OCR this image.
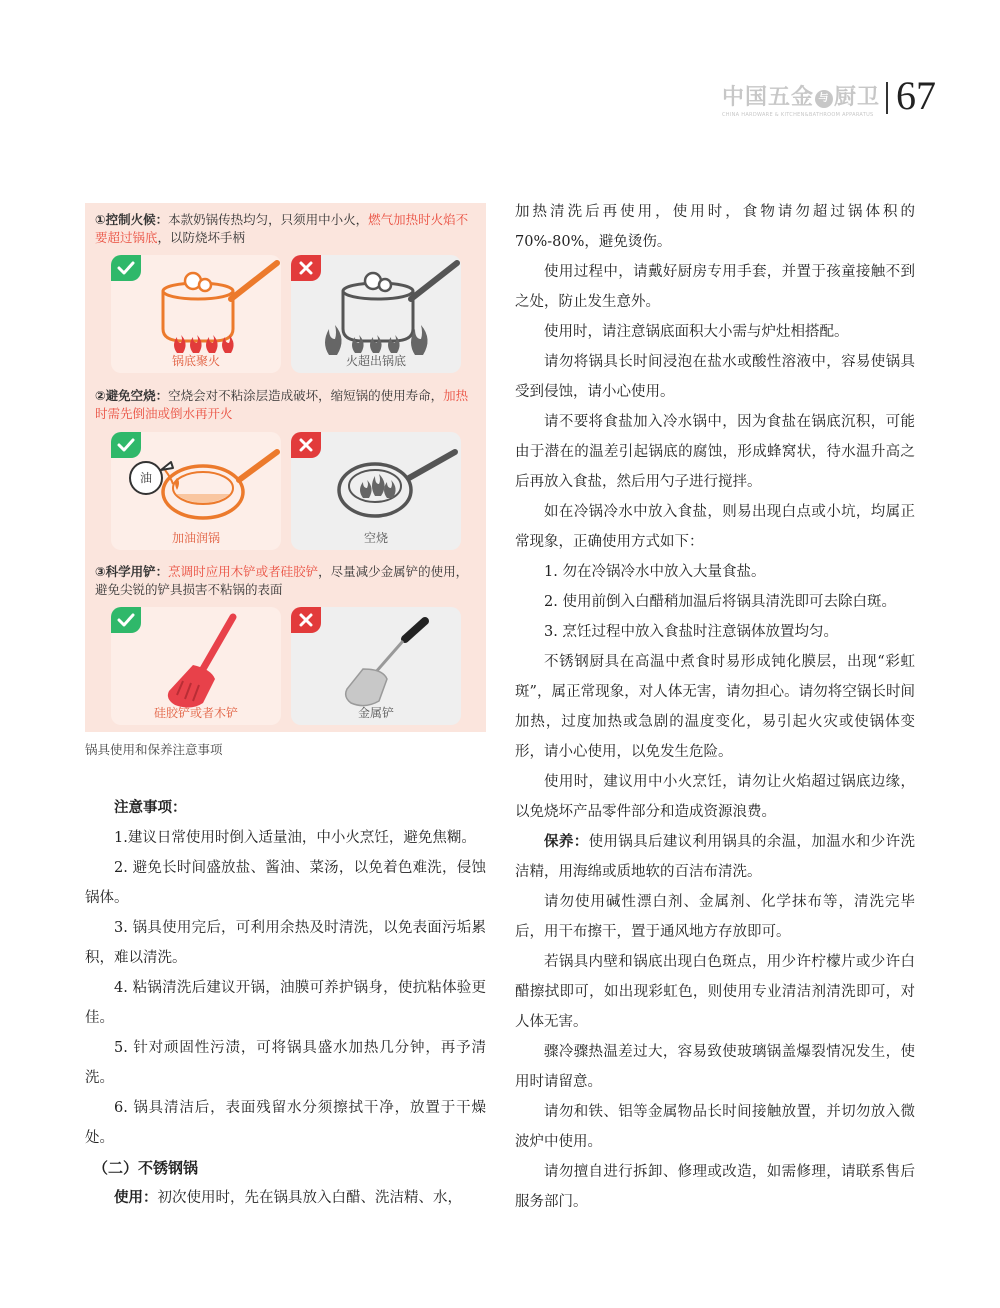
中国五金 与 厨卫
CHINA HARDWARE & KITCHEN&BATHROOM APPARATUS 67
①控制火候：本款奶锅传热均匀，只须用中小火，燃气加热时火焰不要超过锅底，以防烧坏手柄
锅底聚火	火超出锅底
②避免空烧：空烧会对不粘涂层造成破坏，缩短锅的使用寿命，加热时需先倒油或倒水再开火
油
加油润锅	空烧
③科学用铲：烹调时应用木铲或者硅胶铲，尽量减少金属铲的使用，避免尖锐的铲具损害不粘锅的表面
硅胶铲或者木铲	金属铲
锅具使用和保养注意事项

注意事项：

1.建议日常使用时倒入适量油，中小火烹饪，避免焦糊。

2. 避免长时间盛放盐、酱油、菜汤，以免着色难洗，侵蚀锅体。

3. 锅具使用完后，可利用余热及时清洗，以免表面污垢累积，难以清洗。

4. 粘锅清洗后建议开锅，油膜可养护锅身，使抗粘体验更佳。

5. 针对顽固性污渍，可将锅具盛水加热几分钟，再予清洗。

6. 锅具清洁后，表面残留水分须擦拭干净，放置于干燥处。

（二）不锈钢锅

使用：初次使用时，先在锅具放入白醋、洗洁精、水，

加热清洗后再使用，使用时，食物请勿超过锅体积的70%-80%，避免烫伤。

使用过程中，请戴好厨房专用手套，并置于孩童接触不到之处，防止发生意外。

使用时，请注意锅底面积大小需与炉灶相搭配。

请勿将锅具长时间浸泡在盐水或酸性溶液中，容易使锅具受到侵蚀，请小心使用。

请不要将食盐加入冷水锅中，因为食盐在锅底沉积，可能由于潜在的温差引起锅底的腐蚀，形成蜂窝状，待水温升高之后再放入食盐，然后用勺子进行搅拌。

如在冷锅冷水中放入食盐，则易出现白点或小坑，均属正常现象，正确使用方式如下：

1. 勿在冷锅冷水中放入大量食盐。

2. 使用前倒入白醋稍加温后将锅具清洗即可去除白斑。

3. 烹饪过程中放入食盐时注意锅体放置均匀。

不锈钢厨具在高温中煮食时易形成钝化膜层，出现“彩虹斑”，属正常现象，对人体无害，请勿担心。请勿将空锅长时间加热，过度加热或急剧的温度变化，易引起火灾或使锅体变形，请小心使用，以免发生危险。

使用时，建议用中小火烹饪，请勿让火焰超过锅底边缘，以免烧坏产品零件部分和造成资源浪费。

保养：使用锅具后建议利用锅具的余温，加温水和少许洗洁精，用海绵或质地软的百洁布清洗。

请勿使用碱性漂白剂、金属剂、化学抹布等，清洗完毕后，用干布擦干，置于通风地方存放即可。

若锅具内壁和锅底出现白色斑点，用少许柠檬片或少许白醋擦拭即可，如出现彩虹色，则使用专业清洁剂清洗即可，对人体无害。

骤冷骤热温差过大，容易致使玻璃锅盖爆裂情况发生，使用时请留意。

请勿和铁、铝等金属物品长时间接触放置，并切勿放入微波炉中使用。

请勿擅自进行拆卸、修理或改造，如需修理，请联系售后服务部门。
